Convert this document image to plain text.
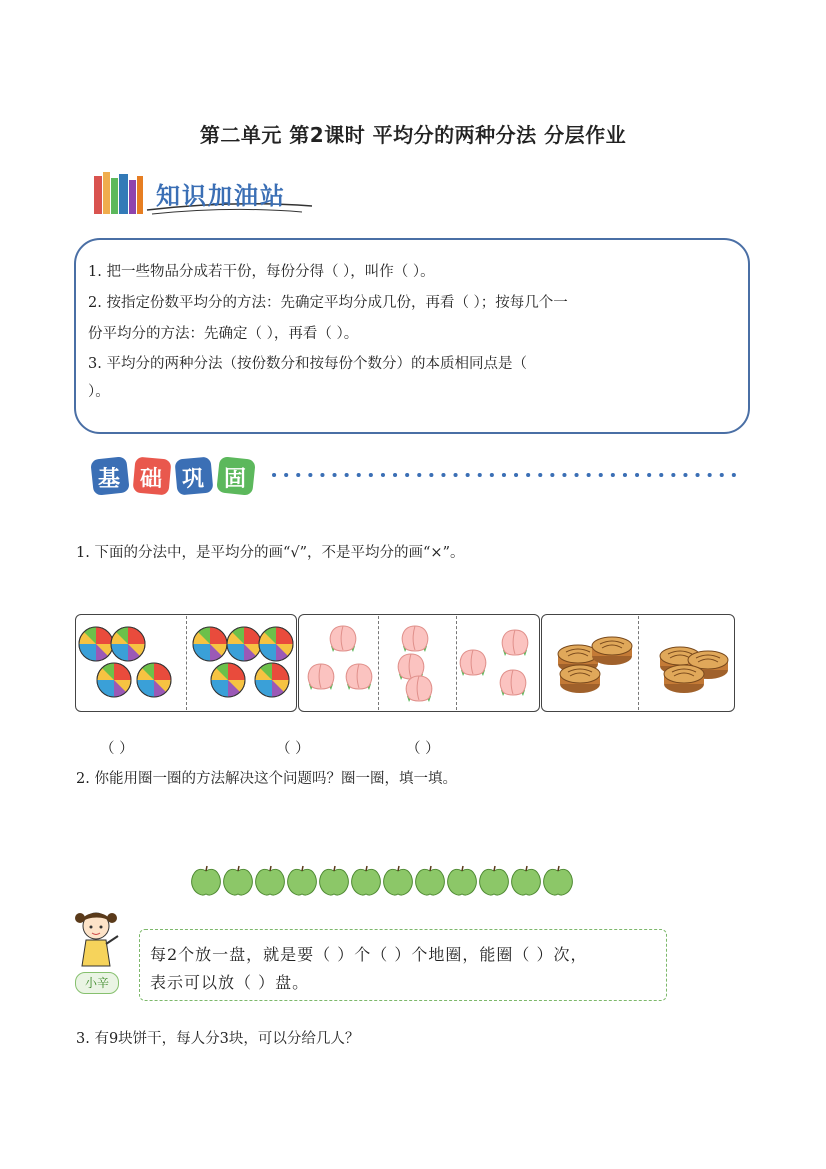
第二单元 第2课时 平均分的两种分法 分层作业
知识加油站
1. 把一些物品分成若干份，每份分得（ ），叫作（ ）。
2. 按指定份数平均分的方法：先确定平均分成几份，再看（ ）；按每几个一
份平均分的方法：先确定（ ），再看（ ）。
3. 平均分的两种分法（按份数分和按每份个数分）的本质相同点是（
）。
基 础 巩 固
1. 下面的分法中，是平均分的画“√”，不是平均分的画“×”。
（ ）	（ ）	（ ）
2. 你能用圈一圈的方法解决这个问题吗？圈一圈，填一填。
小辛
每2个放一盘，就是要（ ）个（ ）个地圈，能圈（ ）次，
表示可以放（ ）盘。
3. 有9块饼干，每人分3块，可以分给几人？
